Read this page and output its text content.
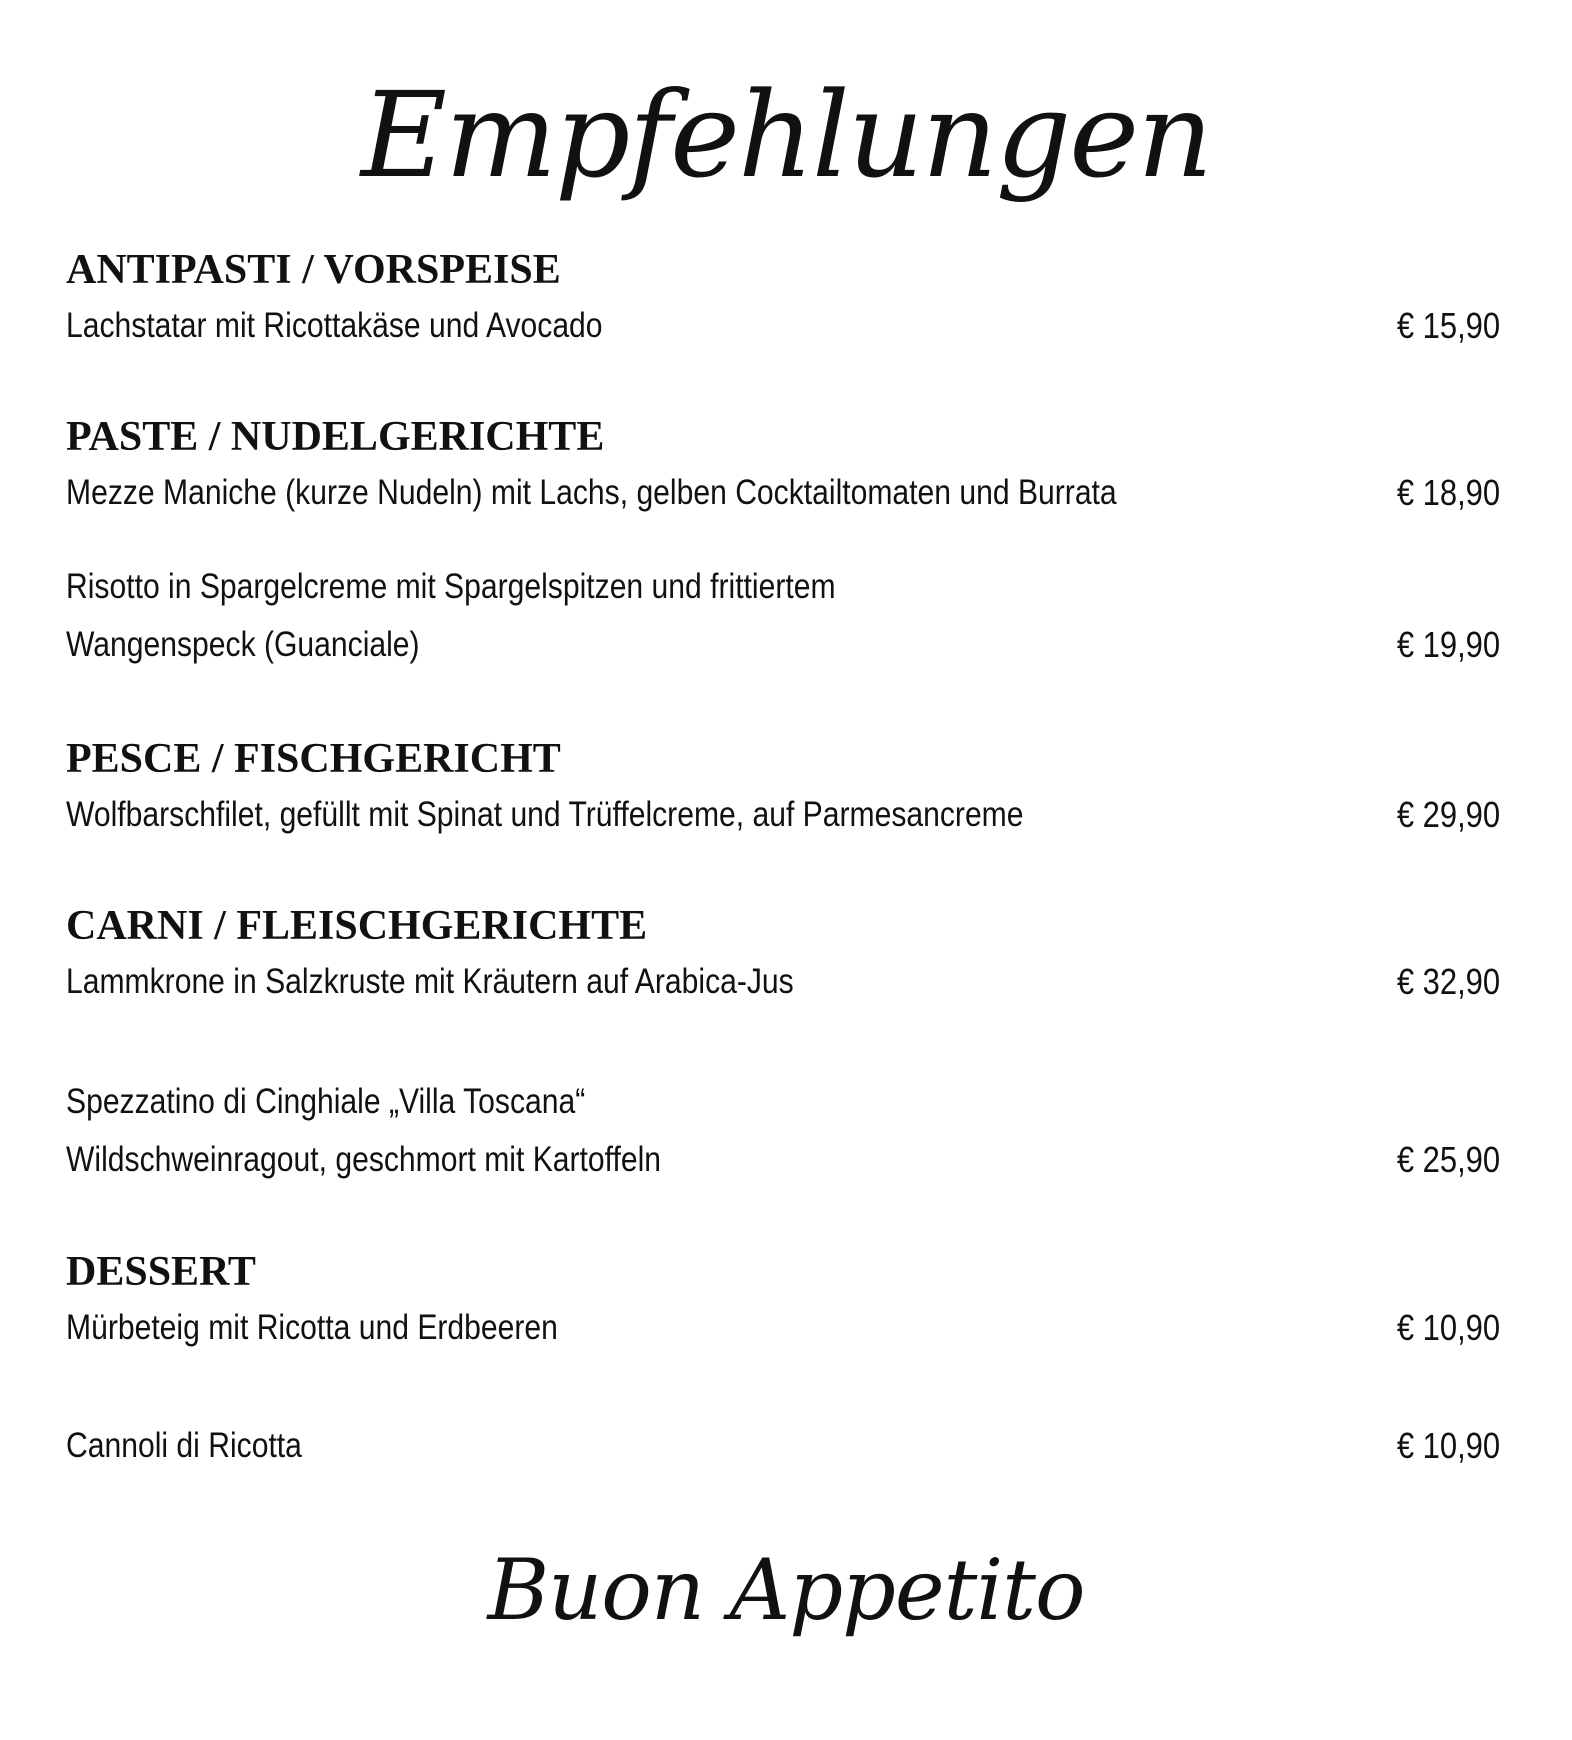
Empfehlungen
ANTIPASTI / VORSPEISE
Lachstatar mit Ricottakäse und Avocado	€ 15,90
PASTE / NUDELGERICHTE
Mezze Maniche (kurze Nudeln) mit Lachs, gelben Cocktailtomaten und Burrata	€ 18,90
Risotto in Spargelcreme mit Spargelspitzen und frittiertem
Wangenspeck (Guanciale)	€ 19,90
PESCE / FISCHGERICHT
Wolfbarschfilet, gefüllt mit Spinat und Trüffelcreme, auf Parmesancreme	€ 29,90
CARNI / FLEISCHGERICHTE
Lammkrone in Salzkruste mit Kräutern auf Arabica-Jus	€ 32,90
Spezzatino di Cinghiale „Villa Toscana“
Wildschweinragout, geschmort mit Kartoffeln	€ 25,90
DESSERT
Mürbeteig mit Ricotta und Erdbeeren	€ 10,90
Cannoli di Ricotta	€ 10,90
Buon Appetito
